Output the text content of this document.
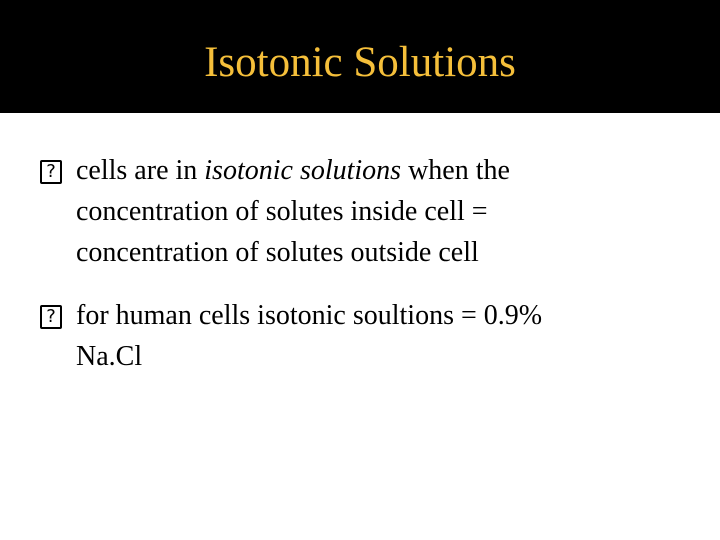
Isotonic Solutions
? cells are in isotonic solutions when the
concentration of solutes inside cell =
concentration of solutes outside cell
? for human cells isotonic soultions = 0.9%
Na.Cl
